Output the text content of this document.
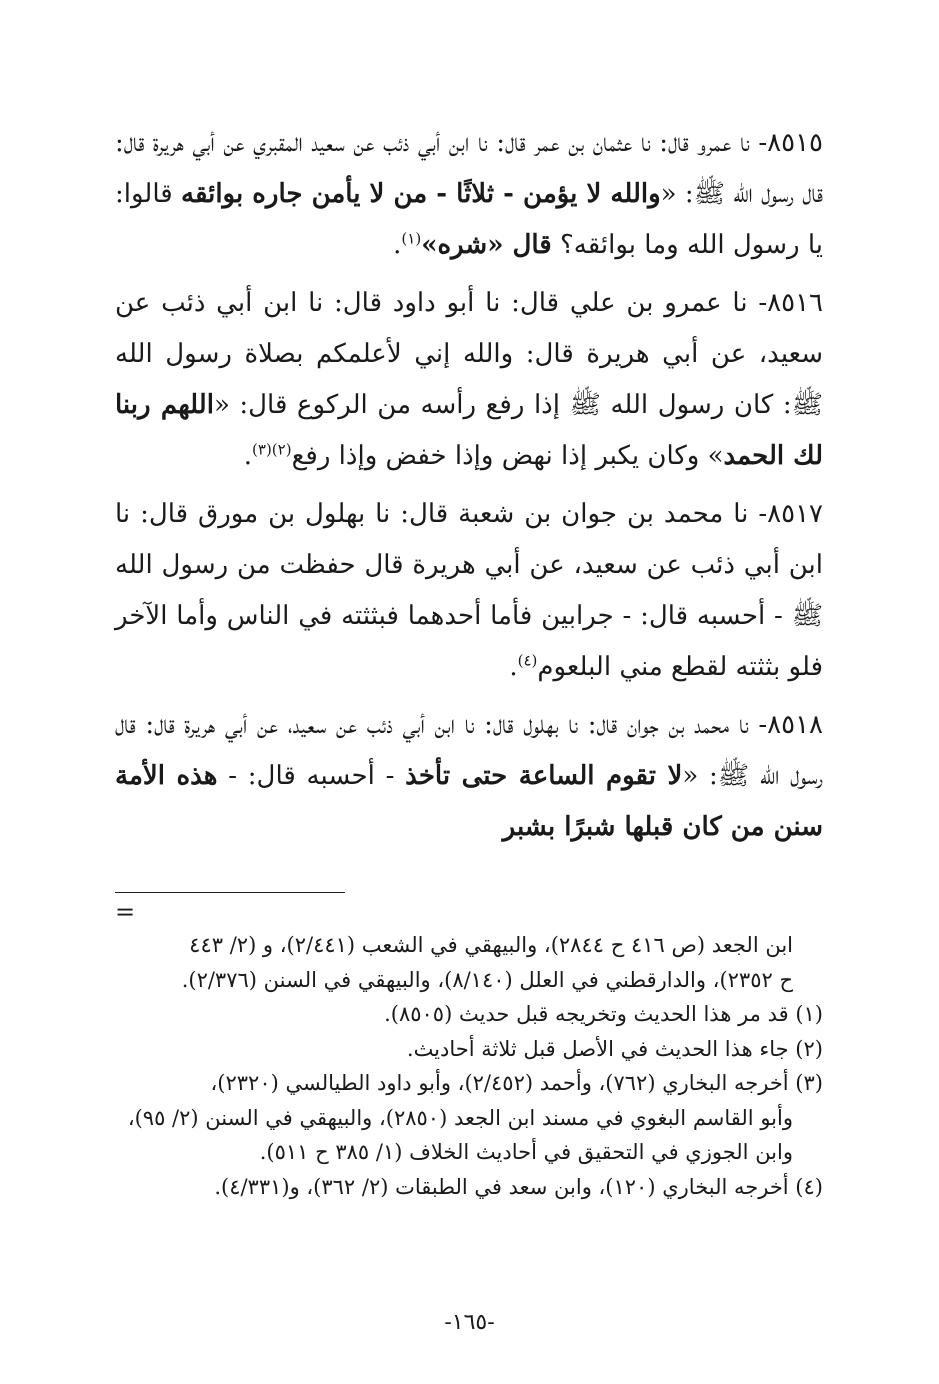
٨٥١٥- نا عمرو قال: نا عثمان بن عمر قال: نا ابن أبي ذئب عن سعيد المقبري عن أبي هريرة قال: قال رسول الله ﷺ: «والله لا يؤمن - ثلاثًا - من لا يأمن جاره بوائقه قالوا: يا رسول الله وما بوائقه؟ قال «شره»$^{(١)}$.

٨٥١٦- نا عمرو بن علي قال: نا أبو داود قال: نا ابن أبي ذئب عن سعيد، عن أبي هريرة قال: والله إني لأعلمكم بصلاة رسول الله ﷺ: كان رسول الله ﷺ إذا رفع رأسه من الركوع قال: «اللهم ربنا لك الحمد» وكان يكبر إذا نهض وإذا خفض وإذا رفع$^{(٢)(٣)}$.

٨٥١٧- نا محمد بن جوان بن شعبة قال: نا بهلول بن مورق قال: نا ابن أبي ذئب عن سعيد، عن أبي هريرة قال حفظت من رسول الله ﷺ - أحسبه قال: - جرابين فأما أحدهما فبثثته في الناس وأما الآخر فلو بثثته لقطع مني البلعوم$^{(٤)}$.

٨٥١٨- نا محمد بن جوان قال: نا بهلول قال: نا ابن أبي ذئب عن سعيد، عن أبي هريرة قال: قال رسول الله ﷺ: «لا تقوم الساعة حتى تأخذ - أحسبه قال: - هذه الأمة سنن من كان قبلها شبرًا بشبر

=

ابن الجعد (ص ٤١٦ ح ٢٨٤٤)، والبيهقي في الشعب (٢/٤٤١)، و (٢/ ٤٤٣

ح ٢٣٥٢)، والدارقطني في العلل (٨/١٤٠)، والبيهقي في السنن (٢/٣٧٦).

(١) قد مر هذا الحديث وتخريجه قبل حديث (٨٥٠٥).

(٢) جاء هذا الحديث في الأصل قبل ثلاثة أحاديث.

(٣) أخرجه البخاري (٧٦٢)، وأحمد (٢/٤٥٢)، وأبو داود الطيالسي (٢٣٢٠)،

وأبو القاسم البغوي في مسند ابن الجعد (٢٨٥٠)، والبيهقي في السنن (٢/ ٩٥)،

وابن الجوزي في التحقيق في أحاديث الخلاف (١/ ٣٨٥ ح ٥١١).

(٤) أخرجه البخاري (١٢٠)، وابن سعد في الطبقات (٢/ ٣٦٢)، و(٤/٣٣١).

-١٦٥-
